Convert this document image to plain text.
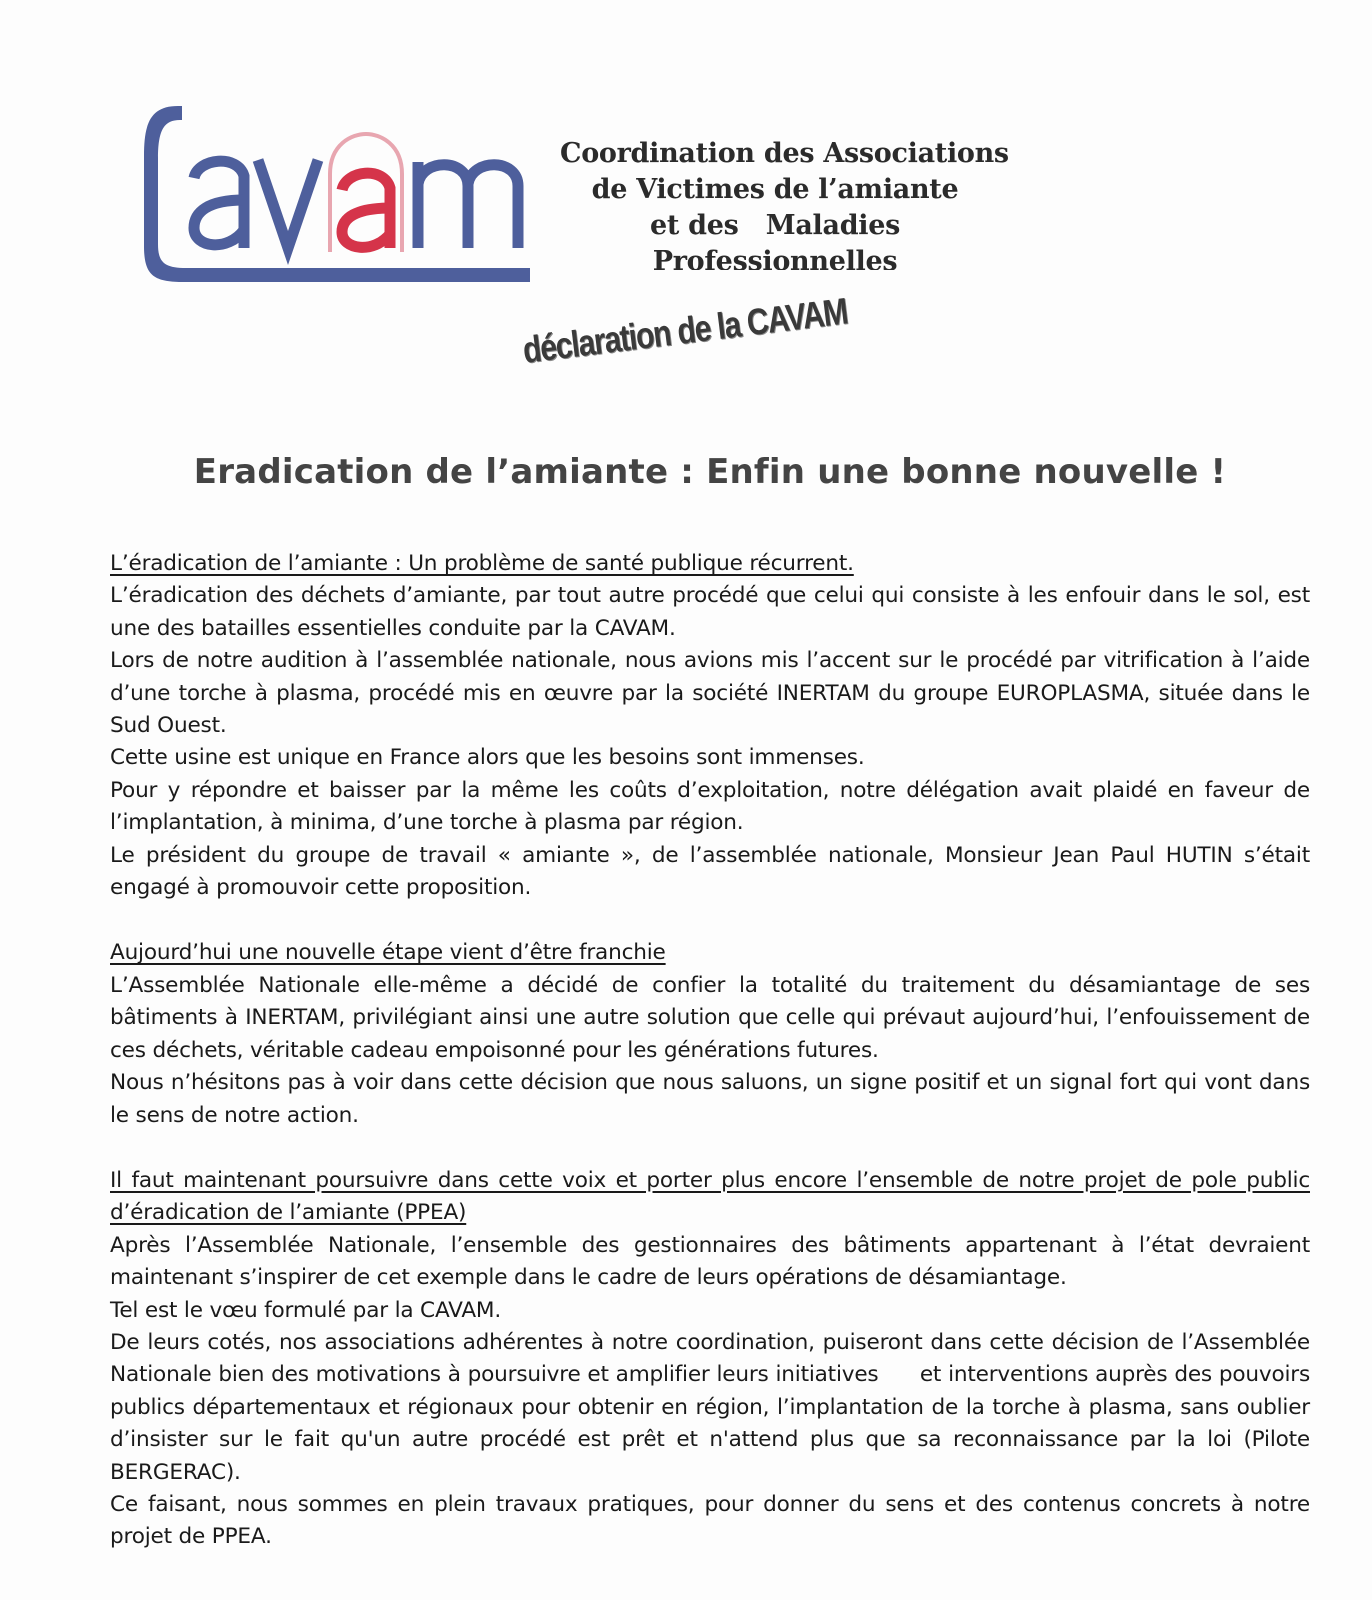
Coordination des Associations
de Victimes de l’amiante
et des   Maladies
Professionnelles
déclaration de la CAVAM
Eradication de l’amiante : Enfin une bonne nouvelle !

L’éradication de l’amiante : Un problème de santé publique récurrent.

L’éradication des déchets d’amiante, par tout autre procédé que celui qui consiste à les enfouir dans le sol, est une des batailles essentielles conduite par la CAVAM.

Lors de notre audition à l’assemblée nationale, nous avions mis l’accent sur le procédé par vitrification à l’aide d’une torche à plasma, procédé mis en œuvre par la société INERTAM du groupe EUROPLASMA, située dans le Sud Ouest.

Cette usine est unique en France alors que les besoins sont immenses.

Pour y répondre et baisser par la même les coûts d’exploitation, notre délégation avait plaidé en faveur de l’implantation, à minima, d’une torche à plasma par région.

Le président du groupe de travail « amiante », de l’assemblée nationale, Monsieur Jean Paul HUTIN s’était engagé à promouvoir cette proposition.

Aujourd’hui une nouvelle étape vient d’être franchie

L’Assemblée Nationale elle-même a décidé de confier la totalité du traitement du désamiantage de ses bâtiments à INERTAM, privilégiant ainsi une autre solution que celle qui prévaut aujourd’hui, l’enfouissement de ces déchets, véritable cadeau empoisonné pour les générations futures.

Nous n’hésitons pas à voir dans cette décision que nous saluons, un signe positif et un signal fort qui vont dans le sens de notre action.

Il faut maintenant poursuivre dans cette voix et porter plus encore l’ensemble de notre projet de pole public d’éradication de l’amiante (PPEA)

Après l’Assemblée Nationale, l’ensemble des gestionnaires des bâtiments appartenant à l’état devraient maintenant s’inspirer de cet exemple dans le cadre de leurs opérations de désamiantage.

Tel est le vœu formulé par la CAVAM.

De leurs cotés, nos associations adhérentes à notre coordination, puiseront dans cette décision de l’Assemblée Nationale bien des motivations à poursuivre et amplifier leurs initiatives      et interventions auprès des pouvoirs publics départementaux et régionaux pour obtenir en région, l’implantation de la torche à plasma, sans oublier d’insister sur le fait qu'un autre procédé est prêt et n'attend plus que sa reconnaissance par la loi (Pilote BERGERAC).

Ce faisant, nous sommes en plein travaux pratiques, pour donner du sens et des contenus concrets à notre projet de PPEA.
